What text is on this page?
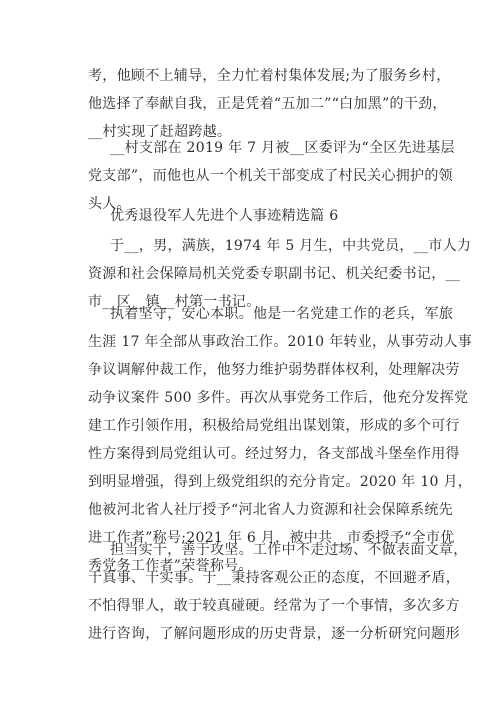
考，他顾不上辅导，全力忙着村集体发展;为了服务乡村，
他选择了奉献自我，正是凭着“五加二”“白加黑”的干劲，
__村实现了赶超跨越。
__村支部在 2019 年 7 月被__区委评为“全区先进基层
党支部”，而他也从一个机关干部变成了村民关心拥护的领
头人。
优秀退役军人先进个人事迹精选篇 6
于__，男，满族，1974 年 5 月生，中共党员，__市人力
资源和社会保障局机关党委专职副书记、机关纪委书记，__
市__区__镇__村第一书记。
执着坚守，安心本职。他是一名党建工作的老兵，军旅
生涯 17 年全部从事政治工作。2010 年转业，从事劳动人事
争议调解仲裁工作，他努力维护弱势群体权利，处理解决劳
动争议案件 500 多件。再次从事党务工作后，他充分发挥党
建工作引领作用，积极给局党组出谋划策，形成的多个可行
性方案得到局党组认可。经过努力，各支部战斗堡垒作用得
到明显增强，得到上级党组织的充分肯定。2020 年 10 月，
他被河北省人社厅授予“河北省人力资源和社会保障系统先
进工作者”称号;2021 年 6 月，被中共__市委授予“全市优
秀党务工作者”荣誉称号。
担当实干，善于攻坚。工作中不走过场、不做表面文章，
干真事、干实事。于__秉持客观公正的态度，不回避矛盾，
不怕得罪人，敢于较真碰硬。经常为了一个事情，多次多方
进行咨询，了解问题形成的历史背景，逐一分析研究问题形
